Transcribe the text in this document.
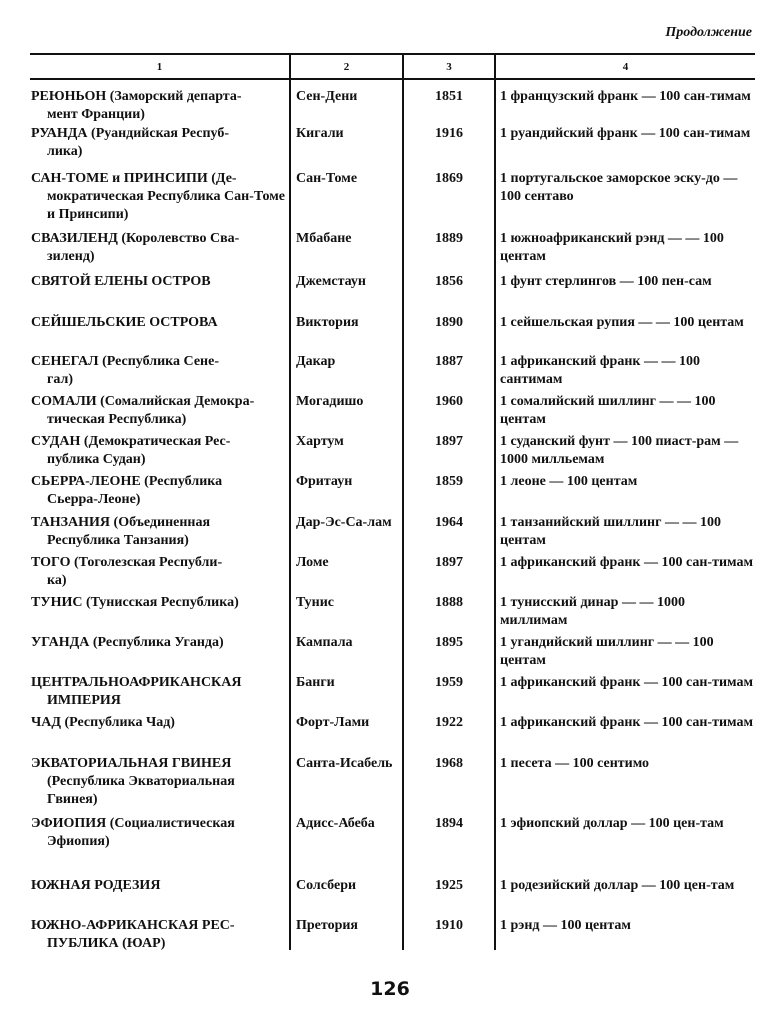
Продолжение
1	2	3	4
РЕЮНЬОН (Заморский департа-
мент Франции)
Сен-Дени	1851	1 французский франк — 100 сан-тимам
РУАНДА (Руандийская Респуб-
лика)
Кигали	1916	1 руандийский франк — 100 сан-тимам
САН-ТОМЕ и ПРИНСИПИ (Де-
мократическая Республика Сан-Томе и Принсипи)
Сан-Томе	1869	1 португальское заморское эску-до — 100 сентаво
СВАЗИЛЕНД (Королевство Сва-
зиленд)
Мбабане	1889	1 южноафриканский рэнд — — 100 центам
СВЯТОЙ ЕЛЕНЫ ОСТРОВ	Джемстаун	1856	1 фунт стерлингов — 100 пен-сам
СЕЙШЕЛЬСКИЕ ОСТРОВА	Виктория	1890	1 сейшельская рупия — — 100 центам
СЕНЕГАЛ (Республика Сене-
гал)
Дакар	1887	1 африканский франк — — 100 сантимам
СОМАЛИ (Сомалийская Демокра-
тическая Республика)
Могадишо	1960	1 сомалийский шиллинг — — 100 центам
СУДАН (Демократическая Рес-
публика Судан)
Хартум	1897	1 суданский фунт — 100 пиаст-рам — 1000 милльемам
СЬЕРРА-ЛЕОНЕ (Республика
Сьерра-Леоне)
Фритаун	1859	1 леоне — 100 центам
ТАНЗАНИЯ (Объединенная
Республика Танзания)
Дар-Эс-Са-лам	1964	1 танзанийский шиллинг — — 100 центам
ТОГО (Тоголезская Республи-
ка)
Ломе	1897	1 африканский франк — 100 сан-тимам
ТУНИС (Тунисская Республика)	Тунис	1888	1 тунисский динар — — 1000 миллимам
УГАНДА (Республика Уганда)	Кампала	1895	1 угандийский шиллинг — — 100 центам
ЦЕНТРАЛЬНОАФРИКАНСКАЯ
ИМПЕРИЯ
Банги	1959	1 африканский франк — 100 сан-тимам
ЧАД (Республика Чад)	Форт-Лами	1922	1 африканский франк — 100 сан-тимам
ЭКВАТОРИАЛЬНАЯ ГВИНЕЯ
(Республика Экваториальная Гвинея)
Санта-Исабель	1968	1 песета — 100 сентимо
ЭФИОПИЯ (Социалистическая
Эфиопия)
Адисс-Абеба	1894	1 эфиопский доллар — 100 цен-там
ЮЖНАЯ РОДЕЗИЯ	Солсбери	1925	1 родезийский доллар — 100 цен-там
ЮЖНО-АФРИКАНСКАЯ РЕС-
ПУБЛИКА (ЮАР)
Претория	1910	1 рэнд — 100 центам
126
